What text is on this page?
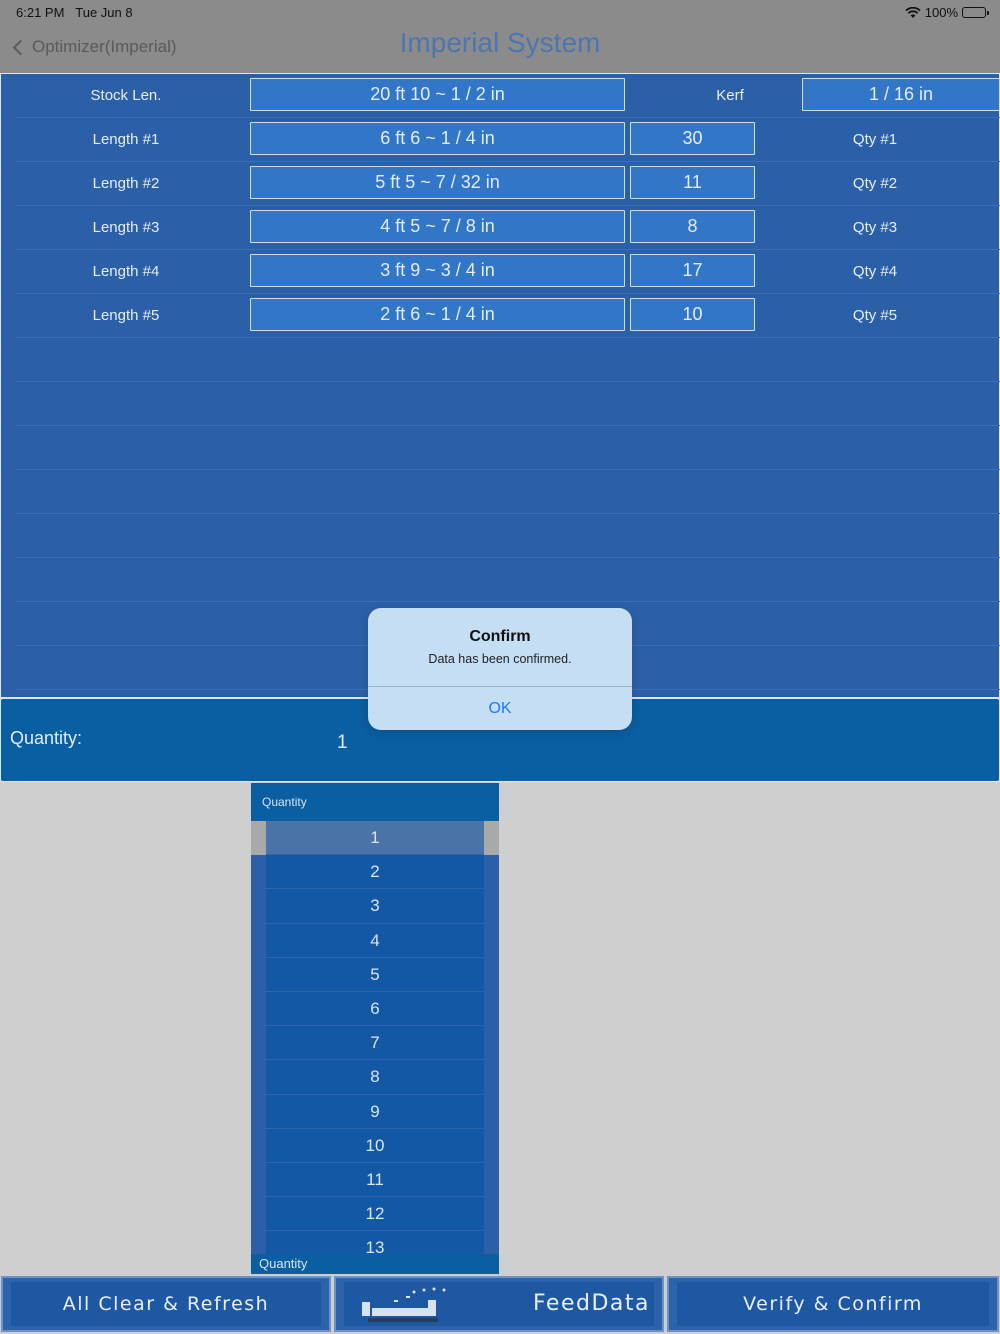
6:21 PM Tue Jun 8	100%
Optimizer(Imperial)	Imperial System
Stock Len.	20 ft 10 ~ 1 / 2 in	Kerf	1 / 16 in
Length #1	6 ft 6 ~ 1 / 4 in	30	Qty #1
Length #2	5 ft 5 ~ 7 / 32 in	11	Qty #2
Length #3	4 ft 5 ~ 7 / 8 in	8	Qty #3
Length #4	3 ft 9 ~ 3 / 4 in	17	Qty #4
Length #5	2 ft 6 ~ 1 / 4 in	10	Qty #5
Quantity:	1
Quantity
1
2
3
4
5
6
7
8
9
10
11
12
13
Quantity
All Clear & Refresh	FeedData	Verify & Confirm
Confirm
Data has been confirmed.
OK
